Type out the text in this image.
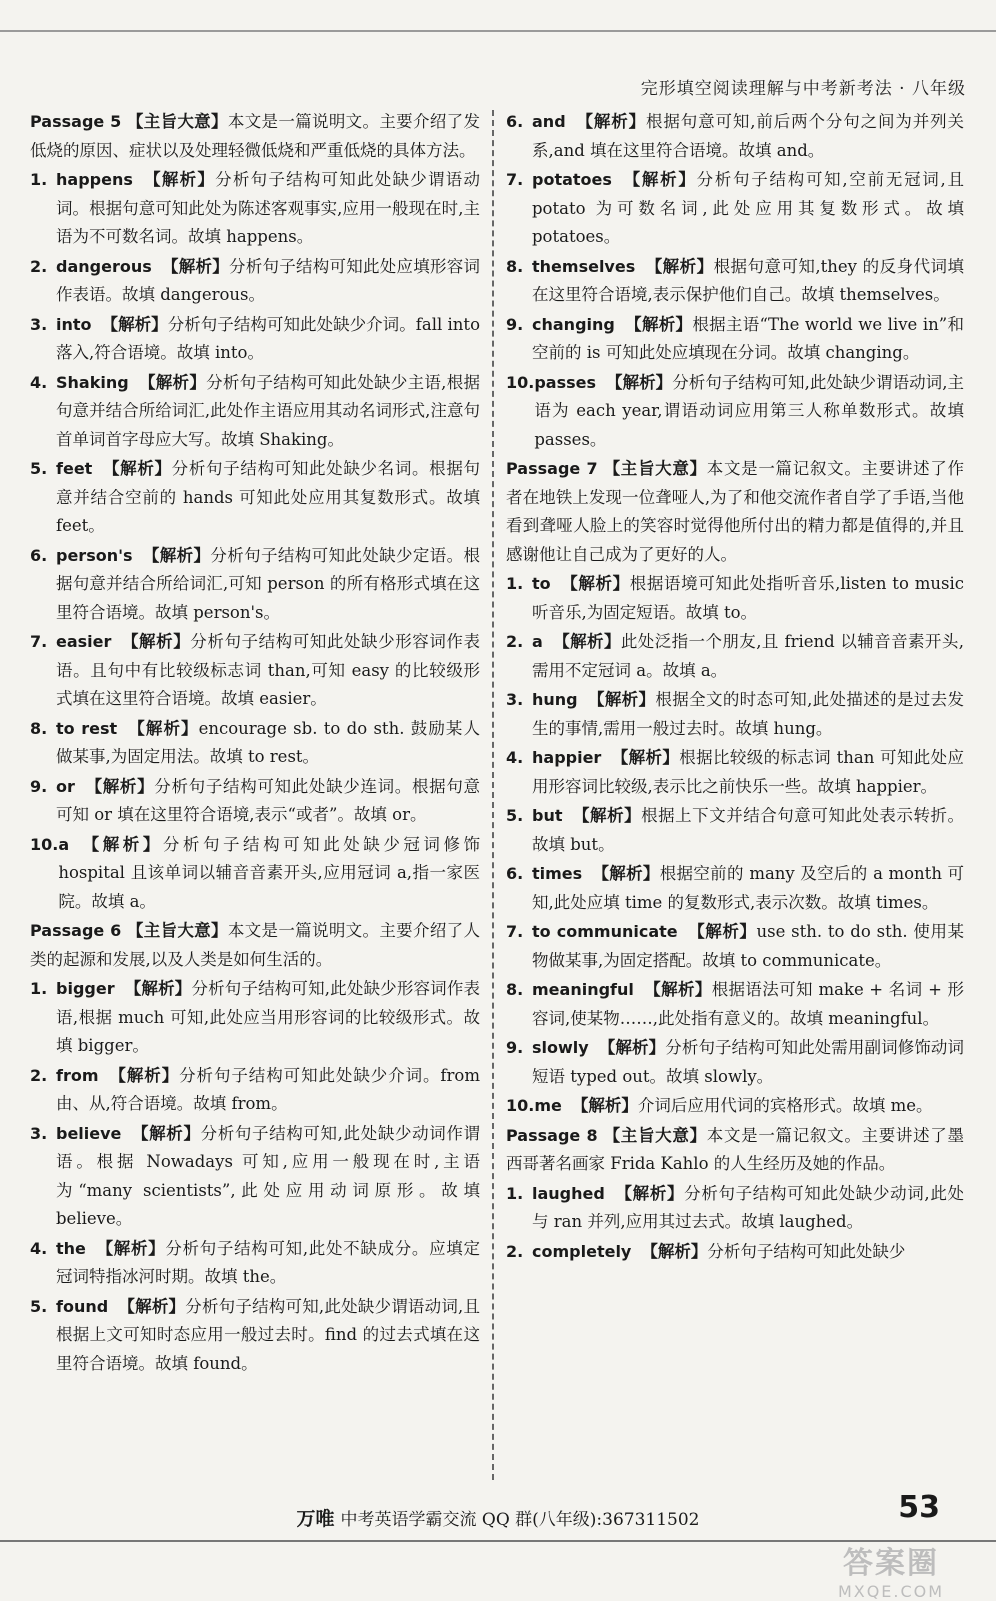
完形填空阅读理解与中考新考法 · 八年级
Passage 5 【主旨大意】本文是一篇说明文。主要介绍了发低烧的原因、症状以及处理轻微低烧和严重低烧的具体方法。
1. happens 【解析】分析句子结构可知此处缺少谓语动词。根据句意可知此处为陈述客观事实,应用一般现在时,主语为不可数名词。故填 happens。
2. dangerous 【解析】分析句子结构可知此处应填形容词作表语。故填 dangerous。
3. into 【解析】分析句子结构可知此处缺少介词。fall into 落入,符合语境。故填 into。
4. Shaking 【解析】分析句子结构可知此处缺少主语,根据句意并结合所给词汇,此处作主语应用其动名词形式,注意句首单词首字母应大写。故填 Shaking。
5. feet 【解析】分析句子结构可知此处缺少名词。根据句意并结合空前的 hands 可知此处应用其复数形式。故填 feet。
6. person's 【解析】分析句子结构可知此处缺少定语。根据句意并结合所给词汇,可知 person 的所有格形式填在这里符合语境。故填 person's。
7. easier 【解析】分析句子结构可知此处缺少形容词作表语。且句中有比较级标志词 than,可知 easy 的比较级形式填在这里符合语境。故填 easier。
8. to rest 【解析】encourage sb. to do sth. 鼓励某人做某事,为固定用法。故填 to rest。
9. or 【解析】分析句子结构可知此处缺少连词。根据句意可知 or 填在这里符合语境,表示“或者”。故填 or。
10. a 【解析】分析句子结构可知此处缺少冠词修饰 hospital 且该单词以辅音音素开头,应用冠词 a,指一家医院。故填 a。
Passage 6 【主旨大意】本文是一篇说明文。主要介绍了人类的起源和发展,以及人类是如何生活的。
1. bigger 【解析】分析句子结构可知,此处缺少形容词作表语,根据 much 可知,此处应当用形容词的比较级形式。故填 bigger。
2. from 【解析】分析句子结构可知此处缺少介词。from 由、从,符合语境。故填 from。
3. believe 【解析】分析句子结构可知,此处缺少动词作谓语。根据 Nowadays 可知,应用一般现在时,主语为“many scientists”,此处应用动词原形。故填 believe。
4. the 【解析】分析句子结构可知,此处不缺成分。应填定冠词特指冰河时期。故填 the。
5. found 【解析】分析句子结构可知,此处缺少谓语动词,且根据上文可知时态应用一般过去时。find 的过去式填在这里符合语境。故填 found。
6. and 【解析】根据句意可知,前后两个分句之间为并列关系,and 填在这里符合语境。故填 and。
7. potatoes 【解析】分析句子结构可知,空前无冠词,且 potato 为可数名词,此处应用其复数形式。故填 potatoes。
8. themselves 【解析】根据句意可知,they 的反身代词填在这里符合语境,表示保护他们自己。故填 themselves。
9. changing 【解析】根据主语“The world we live in”和空前的 is 可知此处应填现在分词。故填 changing。
10. passes 【解析】分析句子结构可知,此处缺少谓语动词,主语为 each year,谓语动词应用第三人称单数形式。故填 passes。
Passage 7 【主旨大意】本文是一篇记叙文。主要讲述了作者在地铁上发现一位聋哑人,为了和他交流作者自学了手语,当他看到聋哑人脸上的笑容时觉得他所付出的精力都是值得的,并且感谢他让自己成为了更好的人。
1. to 【解析】根据语境可知此处指听音乐,listen to music 听音乐,为固定短语。故填 to。
2. a 【解析】此处泛指一个朋友,且 friend 以辅音音素开头,需用不定冠词 a。故填 a。
3. hung 【解析】根据全文的时态可知,此处描述的是过去发生的事情,需用一般过去时。故填 hung。
4. happier 【解析】根据比较级的标志词 than 可知此处应用形容词比较级,表示比之前快乐一些。故填 happier。
5. but 【解析】根据上下文并结合句意可知此处表示转折。故填 but。
6. times 【解析】根据空前的 many 及空后的 a month 可知,此处应填 time 的复数形式,表示次数。故填 times。
7. to communicate 【解析】use sth. to do sth. 使用某物做某事,为固定搭配。故填 to communicate。
8. meaningful 【解析】根据语法可知 make + 名词 + 形容词,使某物……,此处指有意义的。故填 meaningful。
9. slowly 【解析】分析句子结构可知此处需用副词修饰动词短语 typed out。故填 slowly。
10. me 【解析】介词后应用代词的宾格形式。故填 me。
Passage 8 【主旨大意】本文是一篇记叙文。主要讲述了墨西哥著名画家 Frida Kahlo 的人生经历及她的作品。
1. laughed 【解析】分析句子结构可知此处缺少动词,此处与 ran 并列,应用其过去式。故填 laughed。
2. completely 【解析】分析句子结构可知此处缺少
万唯 中考英语学霸交流 QQ 群(八年级):367311502	53
答案圈
MXQE.COM
